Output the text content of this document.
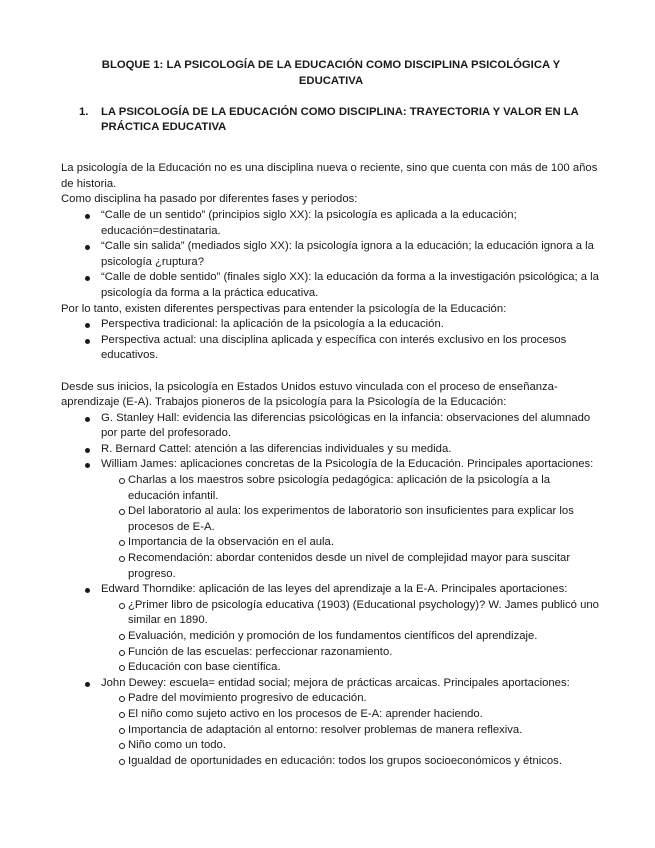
BLOQUE 1: LA PSICOLOGÍA DE LA EDUCACIÓN COMO DISCIPLINA PSICOLÓGICA Y EDUCATIVA
1. LA PSICOLOGÍA DE LA EDUCACIÓN COMO DISCIPLINA: TRAYECTORIA Y VALOR EN LA PRÁCTICA EDUCATIVA

La psicología de la Educación no es una disciplina nueva o reciente, sino que cuenta con más de 100 años de historia.

Como disciplina ha pasado por diferentes fases y periodos:

“Calle de un sentido” (principios siglo XX): la psicología es aplicada a la educación; educación=destinataria.
“Calle sin salida” (mediados siglo XX): la psicología ignora a la educación; la educación ignora a la psicología ¿ruptura?
“Calle de doble sentido” (finales siglo XX): la educación da forma a la investigación psicológica; a la psicología da forma a la práctica educativa.

Por lo tanto, existen diferentes perspectivas para entender la psicología de la Educación:

Perspectiva tradicional: la aplicación de la psicología a la educación.
Perspectiva actual: una disciplina aplicada y específica con interés exclusivo en los procesos educativos.

Desde sus inicios, la psicología en Estados Unidos estuvo vinculada con el proceso de enseñanza-aprendizaje (E-A). Trabajos pioneros de la psicología para la Psicología de la Educación:

G. Stanley Hall: evidencia las diferencias psicológicas en la infancia: observaciones del alumnado por parte del profesorado.
R. Bernard Cattel: atención a las diferencias individuales y su medida.
William James: aplicaciones concretas de la Psicología de la Educación. Principales aportaciones:
Charlas a los maestros sobre psicología pedagógica: aplicación de la psicología a la educación infantil.
Del laboratorio al aula: los experimentos de laboratorio son insuficientes para explicar los procesos de E-A.
Importancia de la observación en el aula.
Recomendación: abordar contenidos desde un nivel de complejidad mayor para suscitar progreso.
Edward Thorndike: aplicación de las leyes del aprendizaje a la E-A. Principales aportaciones:
¿Primer libro de psicología educativa (1903) (Educational psychology)? W. James publicó uno similar en 1890.
Evaluación, medición y promoción de los fundamentos científicos del aprendizaje.
Función de las escuelas: perfeccionar razonamiento.
Educación con base científica.
John Dewey: escuela= entidad social; mejora de prácticas arcaicas. Principales aportaciones:
Padre del movimiento progresivo de educación.
El niño como sujeto activo en los procesos de E-A: aprender haciendo.
Importancia de adaptación al entorno: resolver problemas de manera reflexiva.
Niño como un todo.
Igualdad de oportunidades en educación: todos los grupos socioeconómicos y étnicos.
